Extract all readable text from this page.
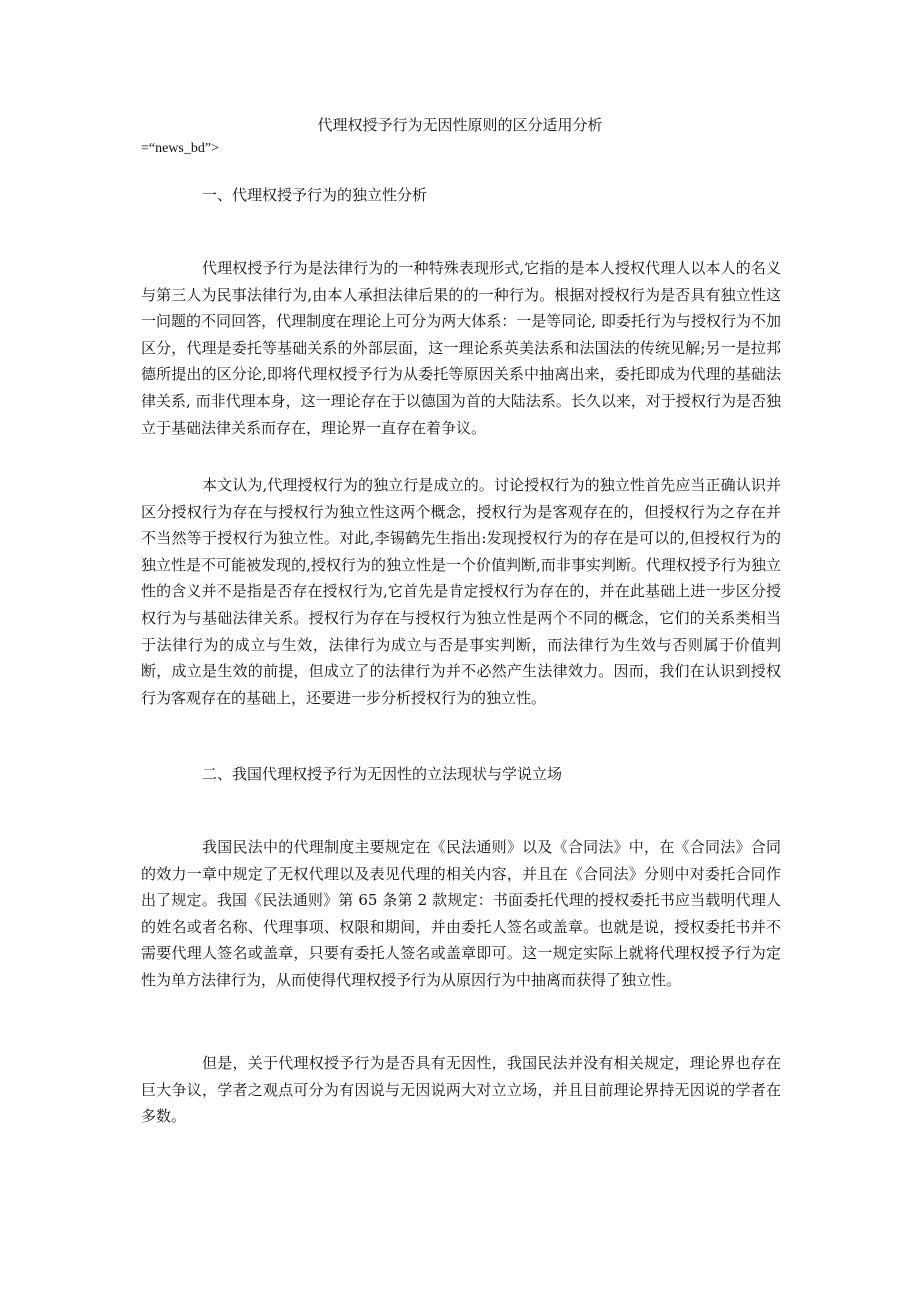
代理权授予行为无因性原则的区分适用分析
=“news_bd”>
一、代理权授予行为的独立性分析

代理权授予行为是法律行为的一种特殊表现形式,它指的是本人授权代理人以本人的名义与第三人为民事法律行为,由本人承担法律后果的的一种行为。根据对授权行为是否具有独立性这一问题的不同回答，代理制度在理论上可分为两大体系：一是等同论, 即委托行为与授权行为不加区分，代理是委托等基础关系的外部层面，这一理论系英美法系和法国法的传统见解;另一是拉邦德所提出的区分论,即将代理权授予行为从委托等原因关系中抽离出来，委托即成为代理的基础法律关系, 而非代理本身，这一理论存在于以德国为首的大陆法系。长久以来，对于授权行为是否独立于基础法律关系而存在，理论界一直存在着争议。

本文认为,代理授权行为的独立行是成立的。讨论授权行为的独立性首先应当正确认识并区分授权行为存在与授权行为独立性这两个概念，授权行为是客观存在的，但授权行为之存在并不当然等于授权行为独立性。对此,李锡鹤先生指出:发现授权行为的存在是可以的,但授权行为的独立性是不可能被发现的,授权行为的独立性是一个价值判断,而非事实判断。代理权授予行为独立性的含义并不是指是否存在授权行为,它首先是肯定授权行为存在的，并在此基础上进一步区分授权行为与基础法律关系。授权行为存在与授权行为独立性是两个不同的概念，它们的关系类相当于法律行为的成立与生效，法律行为成立与否是事实判断，而法律行为生效与否则属于价值判断，成立是生效的前提，但成立了的法律行为并不必然产生法律效力。因而，我们在认识到授权行为客观存在的基础上，还要进一步分析授权行为的独立性。

二、我国代理权授予行为无因性的立法现状与学说立场

我国民法中的代理制度主要规定在《民法通则》以及《合同法》中，在《合同法》合同的效力一章中规定了无权代理以及表见代理的相关内容，并且在《合同法》分则中对委托合同作出了规定。我国《民法通则》第 65 条第 2 款规定：书面委托代理的授权委托书应当载明代理人的姓名或者名称、代理事项、权限和期间，并由委托人签名或盖章。也就是说，授权委托书并不需要代理人签名或盖章，只要有委托人签名或盖章即可。这一规定实际上就将代理权授予行为定性为单方法律行为，从而使得代理权授予行为从原因行为中抽离而获得了独立性。

但是，关于代理权授予行为是否具有无因性，我国民法并没有相关规定，理论界也存在巨大争议，学者之观点可分为有因说与无因说两大对立立场，并且目前理论界持无因说的学者在多数。
